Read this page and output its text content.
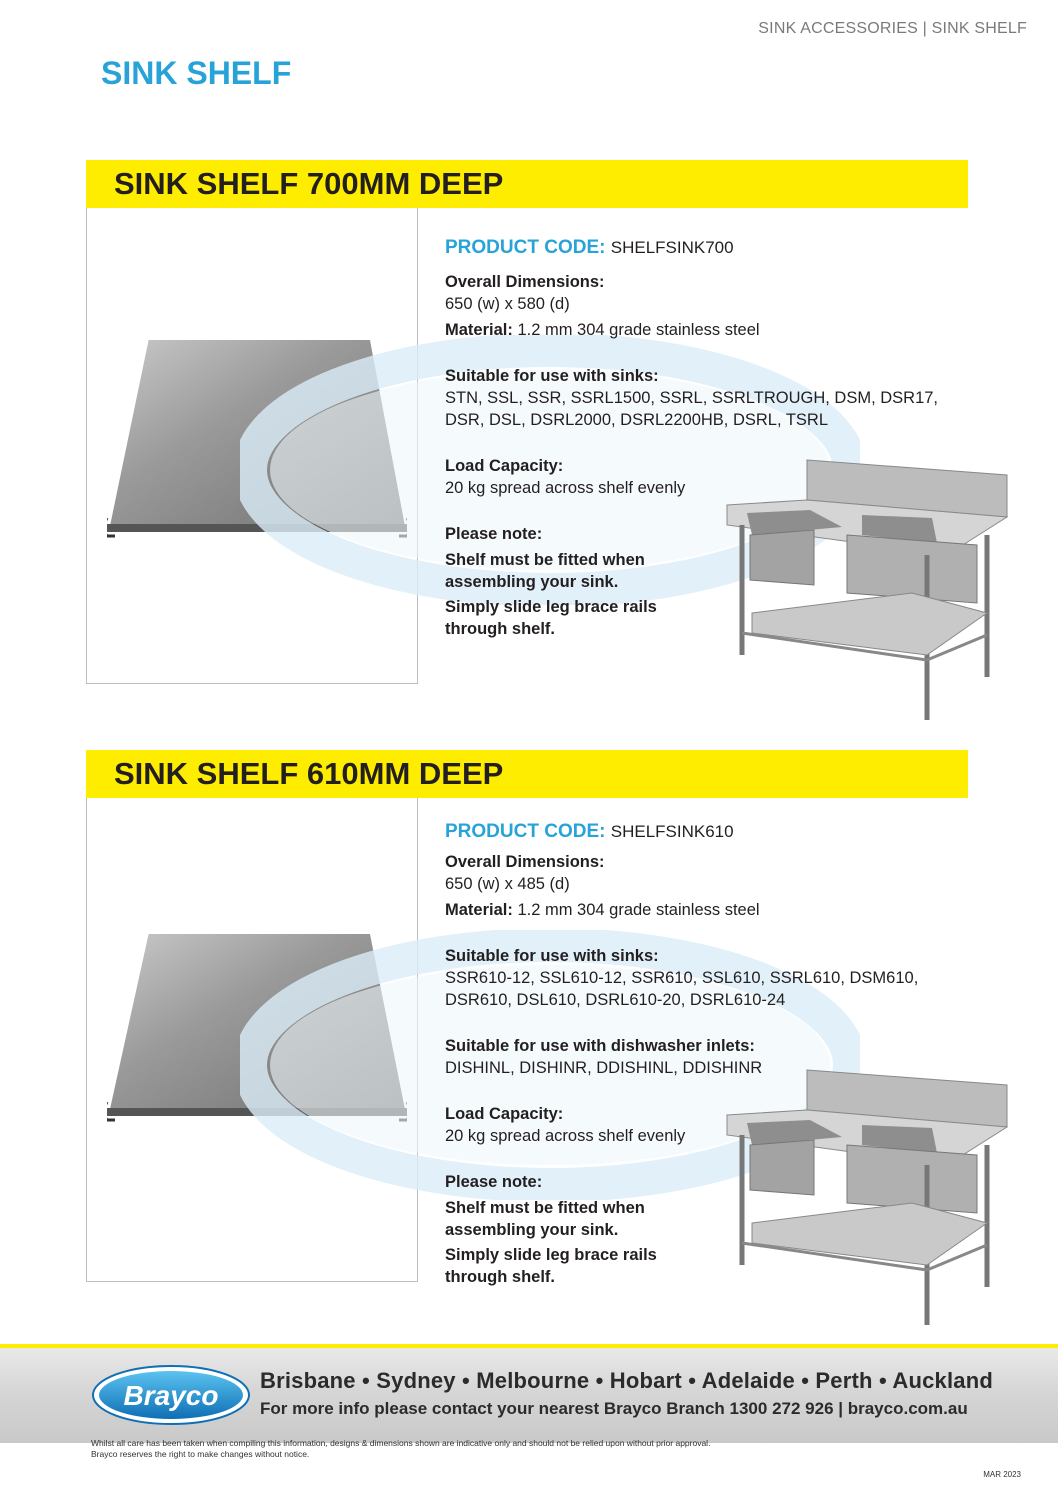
SINK ACCESSORIES | SINK SHELF
SINK SHELF
SINK SHELF 700MM DEEP
PRODUCT CODE: SHELFSINK700
Overall Dimensions:
650 (w) x 580 (d)
Material: 1.2 mm 304 grade stainless steel
Suitable for use with sinks:
STN, SSL, SSR, SSRL1500, SSRL, SSRLTROUGH, DSM, DSR17,
DSR, DSL, DSRL2000, DSRL2200HB, DSRL, TSRL
Load Capacity:
20 kg spread across shelf evenly
Please note:
Shelf must be fitted when
assembling your sink.
Simply slide leg brace rails
through shelf.
SINK SHELF 610MM DEEP
PRODUCT CODE: SHELFSINK610
Overall Dimensions:
650 (w) x 485 (d)
Material: 1.2 mm 304 grade stainless steel
Suitable for use with sinks:
SSR610-12, SSL610-12, SSR610, SSL610, SSRL610, DSM610,
DSR610, DSL610, DSRL610-20, DSRL610-24
Suitable for use with dishwasher inlets:
DISHINL, DISHINR, DDISHINL, DDISHINR
Load Capacity:
20 kg spread across shelf evenly
Please note:
Shelf must be fitted when
assembling your sink.
Simply slide leg brace rails
through shelf.
Brayco Brisbane • Sydney • Melbourne • Hobart • Adelaide • Perth • Auckland
For more info please contact your nearest Brayco Branch 1300 272 926 | brayco.com.au
Whilst all care has been taken when compiling this information, designs & dimensions shown are indicative only and should not be relied upon without prior approval.
Brayco reserves the right to make changes without notice.
MAR 2023
